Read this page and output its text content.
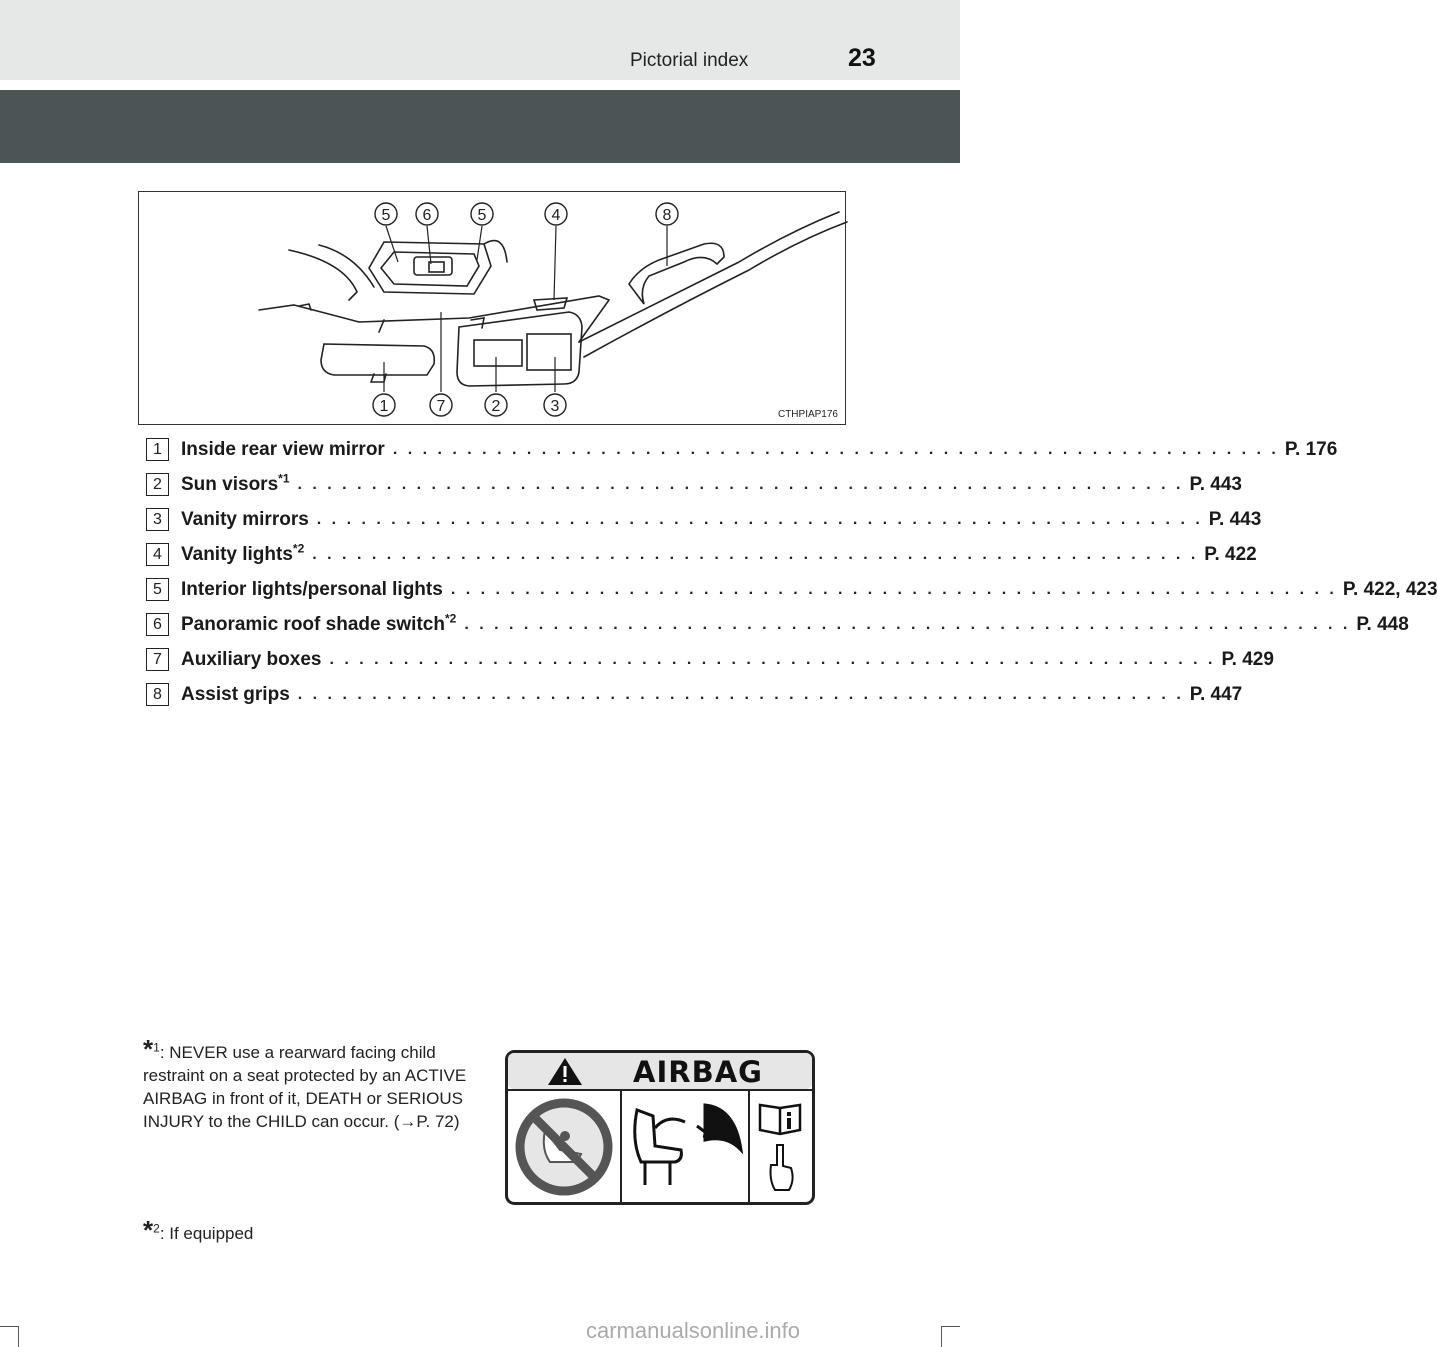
Pictorial index	23
5 6	5	4	8
1	7	2	3	CTHPIAP176
1	Inside rear view mirror . . . . . . . . . . . . . . . . . . . . . . . . . . . . . . . . . . . . . . . . . . . . . . . . . . . . . . . . . . . . P. 176
2	Sun visors$^{*1}$ . . . . . . . . . . . . . . . . . . . . . . . . . . . . . . . . . . . . . . . . . . . . . . . . . . . . . . . . . . . . P. 443
3	Vanity mirrors . . . . . . . . . . . . . . . . . . . . . . . . . . . . . . . . . . . . . . . . . . . . . . . . . . . . . . . . . . . . P. 443
4	Vanity lights$^{*2}$ . . . . . . . . . . . . . . . . . . . . . . . . . . . . . . . . . . . . . . . . . . . . . . . . . . . . . . . . . . . . P. 422
5	Interior lights/personal lights . . . . . . . . . . . . . . . . . . . . . . . . . . . . . . . . . . . . . . . . . . . . . . . . . . . . . . . . . . . . P. 422, 423
6	Panoramic roof shade switch$^{*2}$ . . . . . . . . . . . . . . . . . . . . . . . . . . . . . . . . . . . . . . . . . . . . . . . . . . . . . . . . . . . . P. 448
7	Auxiliary boxes . . . . . . . . . . . . . . . . . . . . . . . . . . . . . . . . . . . . . . . . . . . . . . . . . . . . . . . . . . . . P. 429
8	Assist grips . . . . . . . . . . . . . . . . . . . . . . . . . . . . . . . . . . . . . . . . . . . . . . . . . . . . . . . . . . . . P. 447
*$^1$: NEVER use a rearward facing child restraint on a seat protected by an ACTIVE AIRBAG in front of it, DEATH or SERIOUS INJURY to the CHILD can occur. (→P. 72)
*$^2$: If equipped
AIRBAG
carmanualsonline.info
